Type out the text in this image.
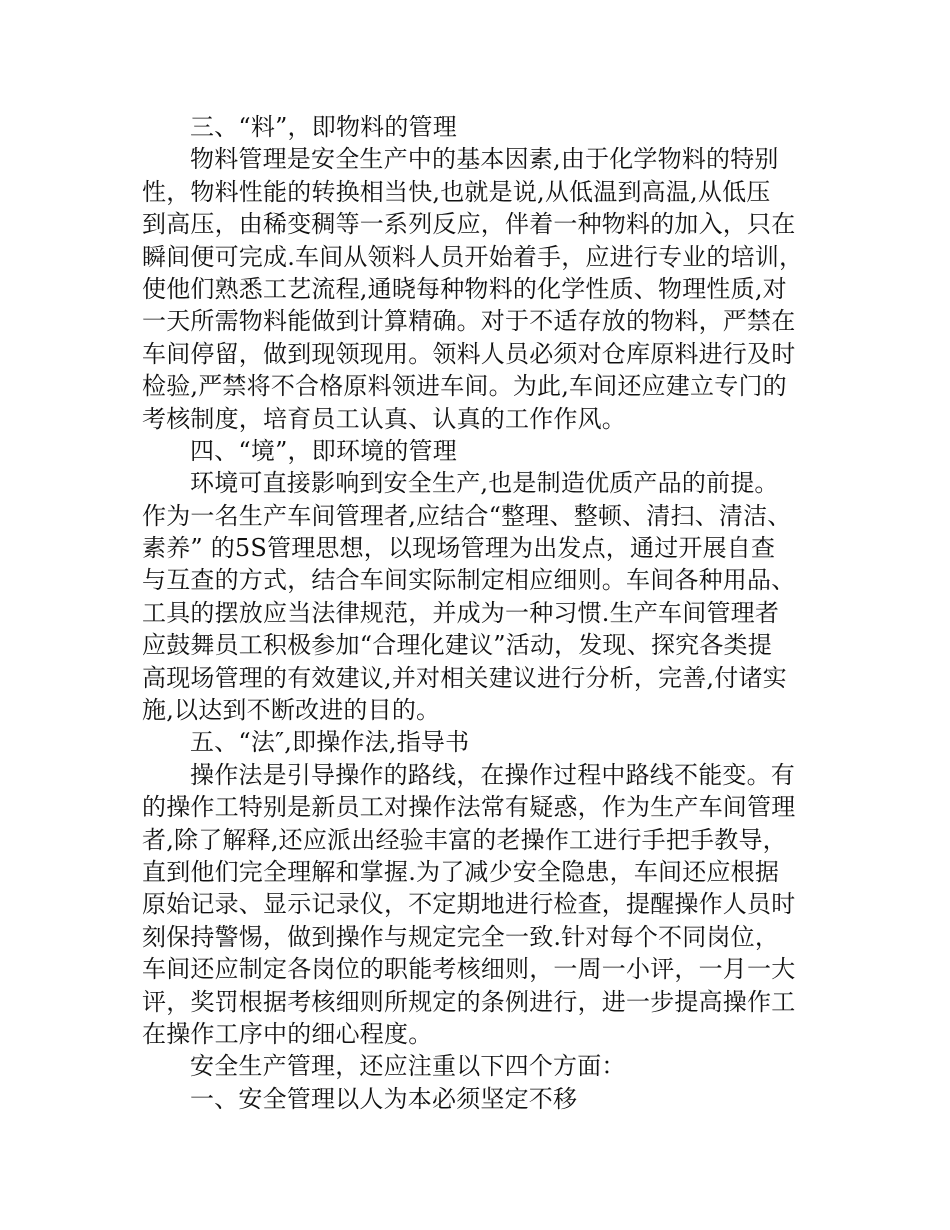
三、“料”，即物料的管理
物料管理是安全生产中的基本因素,由于化学物料的特别
性，物料性能的转换相当快,也就是说,从低温到高温,从低压
到高压，由稀变稠等一系列反应，伴着一种物料的加入，只在
瞬间便可完成.车间从领料人员开始着手，应进行专业的培训，
使他们熟悉工艺流程,通晓每种物料的化学性质、物理性质,对
一天所需物料能做到计算精确。对于不适存放的物料，严禁在
车间停留，做到现领现用。领料人员必须对仓库原料进行及时
检验,严禁将不合格原料领进车间。为此,车间还应建立专门的
考核制度，培育员工认真、认真的工作作风。
四、“境”，即环境的管理
环境可直接影响到安全生产,也是制造优质产品的前提。
作为一名生产车间管理者,应结合“整理、整顿、清扫、清洁、
素养” 的5S管理思想，以现场管理为出发点，通过开展自查
与互查的方式，结合车间实际制定相应细则。车间各种用品、
工具的摆放应当法律规范，并成为一种习惯.生产车间管理者
应鼓舞员工积极参加“合理化建议”活动，发现、探究各类提
高现场管理的有效建议,并对相关建议进行分析，完善,付诸实
施,以达到不断改进的目的。
五、“法″,即操作法,指导书
操作法是引导操作的路线，在操作过程中路线不能变。有
的操作工特别是新员工对操作法常有疑惑，作为生产车间管理
者,除了解释,还应派出经验丰富的老操作工进行手把手教导，
直到他们完全理解和掌握.为了减少安全隐患，车间还应根据
原始记录、显示记录仪，不定期地进行检查，提醒操作人员时
刻保持警惕，做到操作与规定完全一致.针对每个不同岗位，
车间还应制定各岗位的职能考核细则，一周一小评，一月一大
评，奖罚根据考核细则所规定的条例进行，进一步提高操作工
在操作工序中的细心程度。
安全生产管理，还应注重以下四个方面：
一、安全管理以人为本必须坚定不移
